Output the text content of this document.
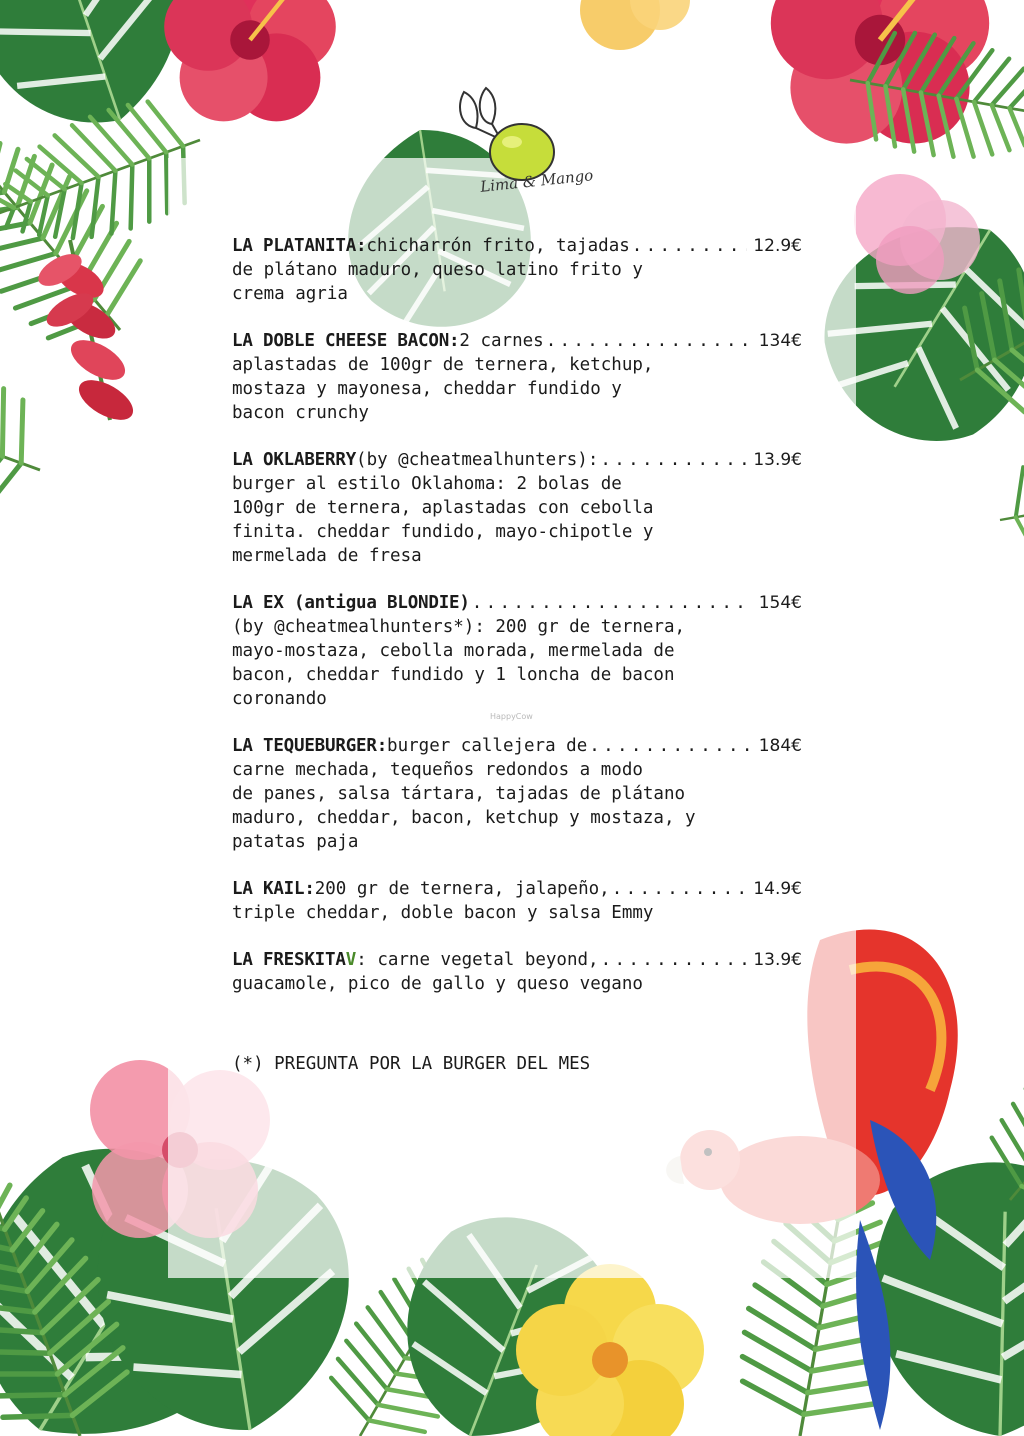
Lima & Mango
LA PLATANITA: chicharrón frito, tajadas . . .	12.9€
de plátano maduro, queso latino frito y
crema agria
LA DOBLE CHEESE BACON: 2 carnes . . .	134€
aplastadas de 100gr de ternera, ketchup,
mostaza y mayonesa, cheddar fundido y
bacon crunchy
LA OKLABERRY (by @cheatmealhunters): . . .	13.9€
burger al estilo Oklahoma: 2 bolas de
100gr de ternera, aplastadas con cebolla
finita. cheddar fundido, mayo-chipotle y
mermelada de fresa
LA EX (antigua BLONDIE) . . .	154€
(by @cheatmealhunters*): 200 gr de ternera,
mayo-mostaza, cebolla morada, mermelada de
bacon, cheddar fundido y 1 loncha de bacon
coronando
LA TEQUEBURGER: burger callejera de . . .	184€
carne mechada, tequeños redondos a modo
de panes, salsa tártara, tajadas de plátano
maduro, cheddar, bacon, ketchup y mostaza, y
patatas paja
LA KAIL: 200 gr de ternera, jalapeño, . . .	14.9€
triple cheddar, doble bacon y salsa Emmy
LA FRESKITA V : carne vegetal beyond, . . .	13.9€
guacamole, pico de gallo y queso vegano
HappyCow
(*) PREGUNTA POR LA BURGER DEL MES
